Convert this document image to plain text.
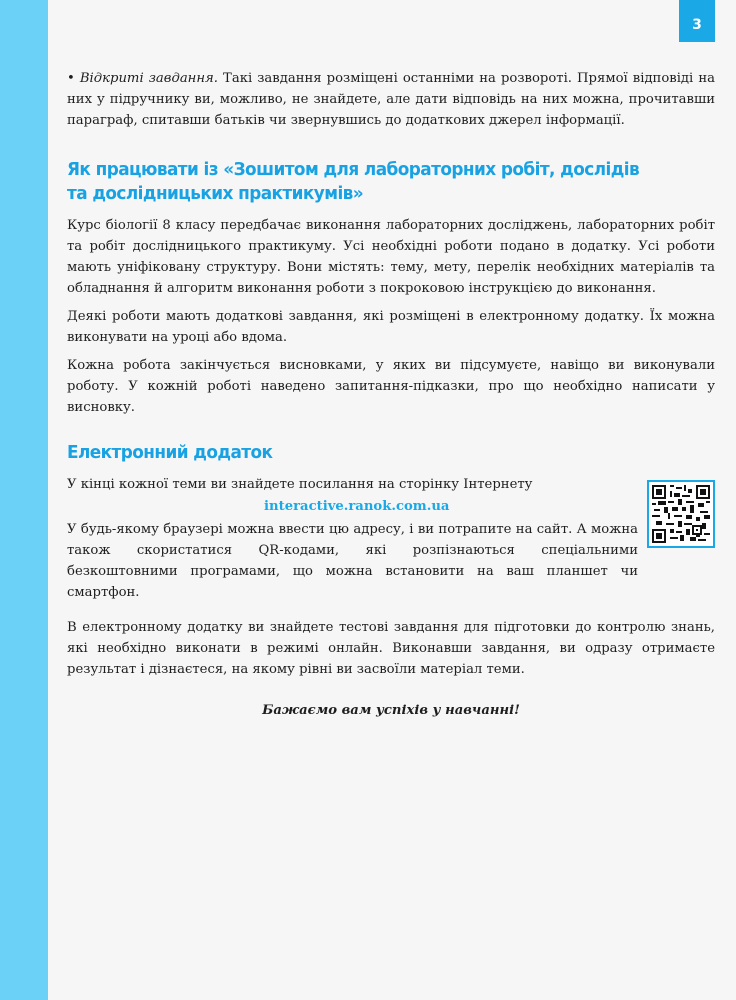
3

• Відкриті завдання. Такі завдання розміщені останніми на розвороті. Прямої відповіді на них у підручнику ви, можливо, не знайдете, але дати відповідь на них можна, прочитавши параграф, спитавши батьків чи звернувшись до додаткових джерел інформації.

Як працювати із «Зошитом для лабораторних робіт, дослідів
та дослідницьких практикумів»

Курс біології 8 класу передбачає виконання лабораторних досліджень, лабораторних робіт та робіт дослідницького практикуму. Усі необхідні роботи подано в додатку. Усі роботи мають уніфіковану структуру. Вони містять: тему, мету, перелік необхідних матеріалів та обладнання й алгоритм виконання роботи з покроковою інструкцією до виконання.

Деякі роботи мають додаткові завдання, які розміщені в електронному додатку. Їх можна виконувати на уроці або вдома.

Кожна робота закінчується висновками, у яких ви підсумуєте, навіщо ви виконували роботу. У кожній роботі наведено запитання-підказки, про що необхідно написати у висновку.

Електронний додаток

У кінці кожної теми ви знайдете посилання на сторінку Інтернету

interactive.ranok.com.ua

У будь-якому браузері можна ввести цю адресу, і ви потрапите на сайт. А можна також скористатися QR-кодами, які розпізнаються спеціальними безкоштовними програмами, що можна встановити на ваш планшет чи смартфон.

В електронному додатку ви знайдете тестові завдання для підготовки до контролю знань, які необхідно виконати в режимі онлайн. Виконавши завдання, ви одразу отримаєте результат і дізнаєтеся, на якому рівні ви засвоїли матеріал теми.

Бажаємо вам успіхів у навчанні!
